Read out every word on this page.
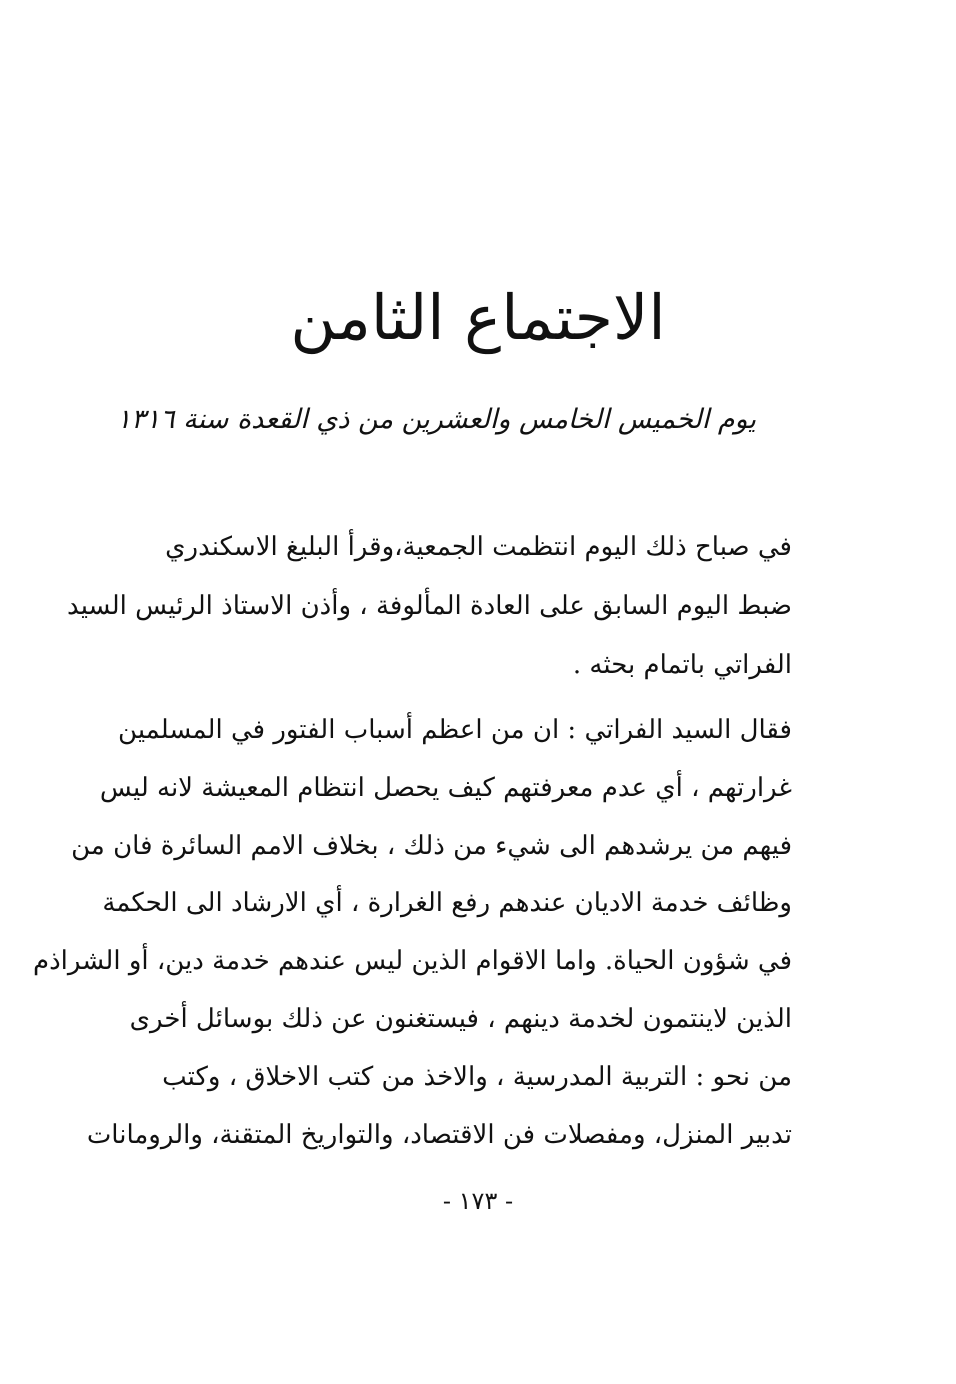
الاجتماع الثامن
يوم الخميس الخامس والعشرين من ذي القعدة سنة ١٣١٦
في صباح ذلك اليوم انتظمت الجمعية،وقرأ البليغ الاسكندري
ضبط اليوم السابق على العادة المألوفة ، وأذن الاستاذ الرئيس السيد
الفراتي باتمام بحثه .
فقال السيد الفراتي : ان من اعظم أسباب الفتور في المسلمين
غرارتهم ، أي عدم معرفتهم كيف يحصل انتظام المعيشة لانه ليس
فيهم من يرشدهم الى شيء من ذلك ، بخلاف الامم السائرة فان من
وظائف خدمة الاديان عندهم رفع الغرارة ، أي الارشاد الى الحكمة
في شؤون الحياة. واما الاقوام الذين ليس عندهم خدمة دين، أو الشراذم
الذين لاينتمون لخدمة دينهم ، فيستغنون عن ذلك بوسائل أخرى
من نحو : التربية المدرسية ، والاخذ من كتب الاخلاق ، وكتب
تدبير المنزل، ومفصلات فن الاقتصاد، والتواريخ المتقنة، والرومانات
- ١٧٣ -
